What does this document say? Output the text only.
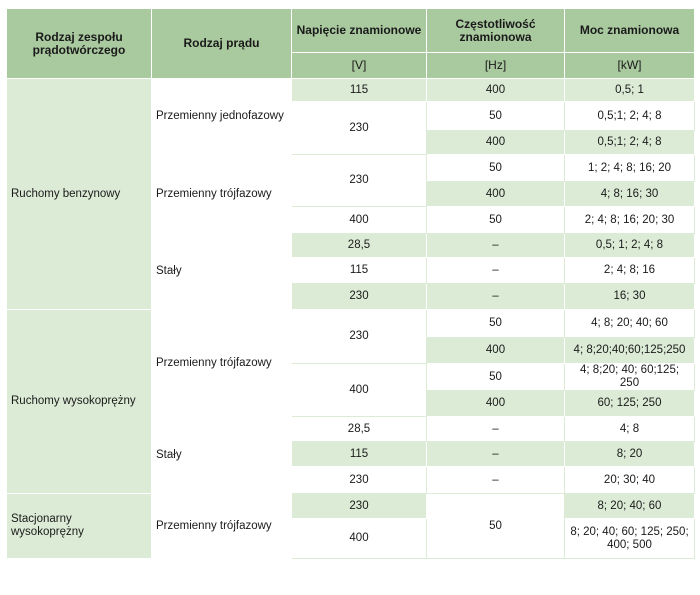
Rodzaj zespołu prądotwórczego	Rodzaj prądu	Napięcie znamionowe	Częstotliwość znamionowa	Moc znamionowa
		[V]	[Hz]	[kW]
Ruchomy benzynowy	Przemienny jednofazowy	115	400	0,5; 1
		230	50	0,5;1; 2; 4; 8
			400	0,5;1; 2; 4; 8
	Przemienny trójfazowy	230	50	1; 2; 4; 8; 16; 20
			400	4; 8; 16; 30
		400	50	2; 4; 8; 16; 20; 30
	Stały	28,5	–	0,5; 1; 2; 4; 8
		115	–	2; 4; 8; 16
		230	–	16; 30
Ruchomy wysokoprężny	Przemienny trójfazowy	230	50	4; 8; 20; 40; 60
			400	4; 8;20;40;60;125;250
		400	50	4; 8;20; 40; 60;125; 250
			400	60; 125; 250
	Stały	28,5	–	4; 8
		115	–	8; 20
		230	–	20; 30; 40
Stacjonarny wysokoprężny	Przemienny trójfazowy	230	50	8; 20; 40; 60
		400		8; 20; 40; 60; 125; 250; 400; 500
